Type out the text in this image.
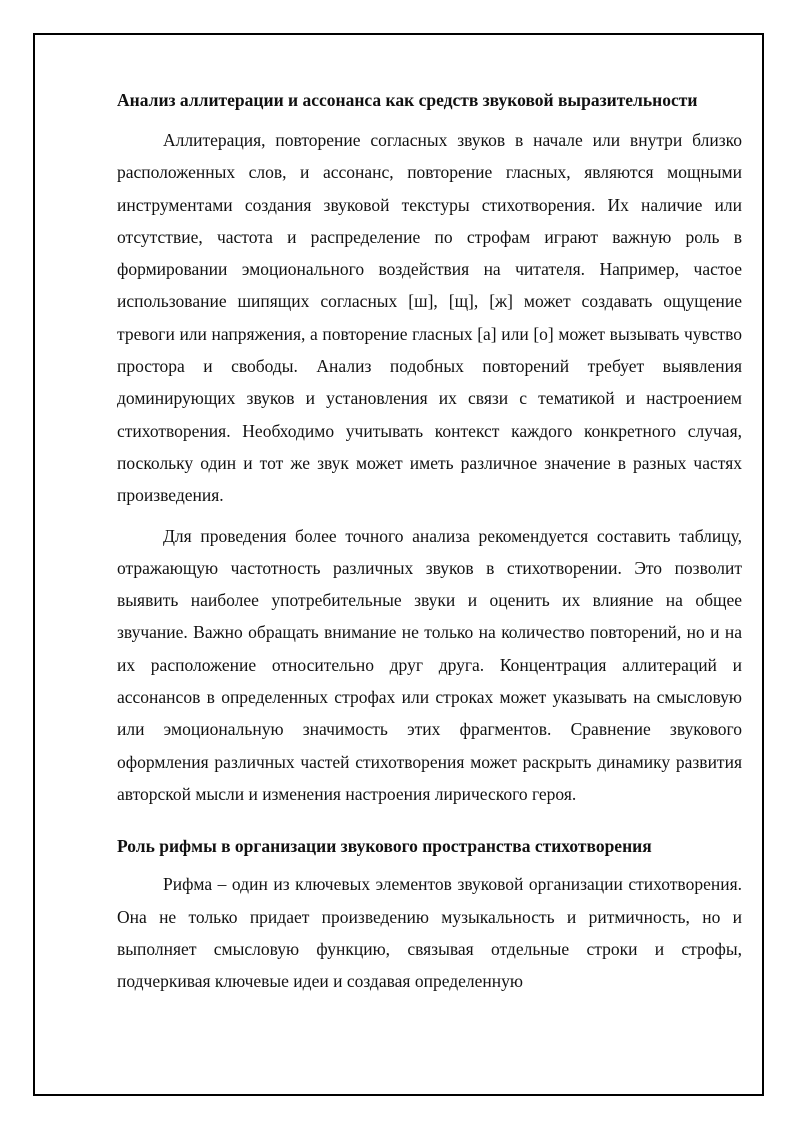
Анализ аллитерации и ассонанса как средств звуковой выразительности

Аллитерация, повторение согласных звуков в начале или внутри близко расположенных слов, и ассонанс, повторение гласных, являются мощными инструментами создания звуковой текстуры стихотворения. Их наличие или отсутствие, частота и распределение по строфам играют важную роль в формировании эмоционального воздействия на читателя. Например, частое использование шипящих согласных [ш], [щ], [ж] может создавать ощущение тревоги или напряжения, а повторение гласных [а] или [о] может вызывать чувство простора и свободы. Анализ подобных повторений требует выявления доминирующих звуков и установления их связи с тематикой и настроением стихотворения. Необходимо учитывать контекст каждого конкретного случая, поскольку один и тот же звук может иметь различное значение в разных частях произведения.

Для проведения более точного анализа рекомендуется составить таблицу, отражающую частотность различных звуков в стихотворении. Это позволит выявить наиболее употребительные звуки и оценить их влияние на общее звучание. Важно обращать внимание не только на количество повторений, но и на их расположение относительно друг друга. Концентрация аллитераций и ассонансов в определенных строфах или строках может указывать на смысловую или эмоциональную значимость этих фрагментов. Сравнение звукового оформления различных частей стихотворения может раскрыть динамику развития авторской мысли и изменения настроения лирического героя.

Роль рифмы в организации звукового пространства стихотворения

Рифма – один из ключевых элементов звуковой организации стихотворения. Она не только придает произведению музыкальность и ритмичность, но и выполняет смысловую функцию, связывая отдельные строки и строфы, подчеркивая ключевые идеи и создавая определенную
